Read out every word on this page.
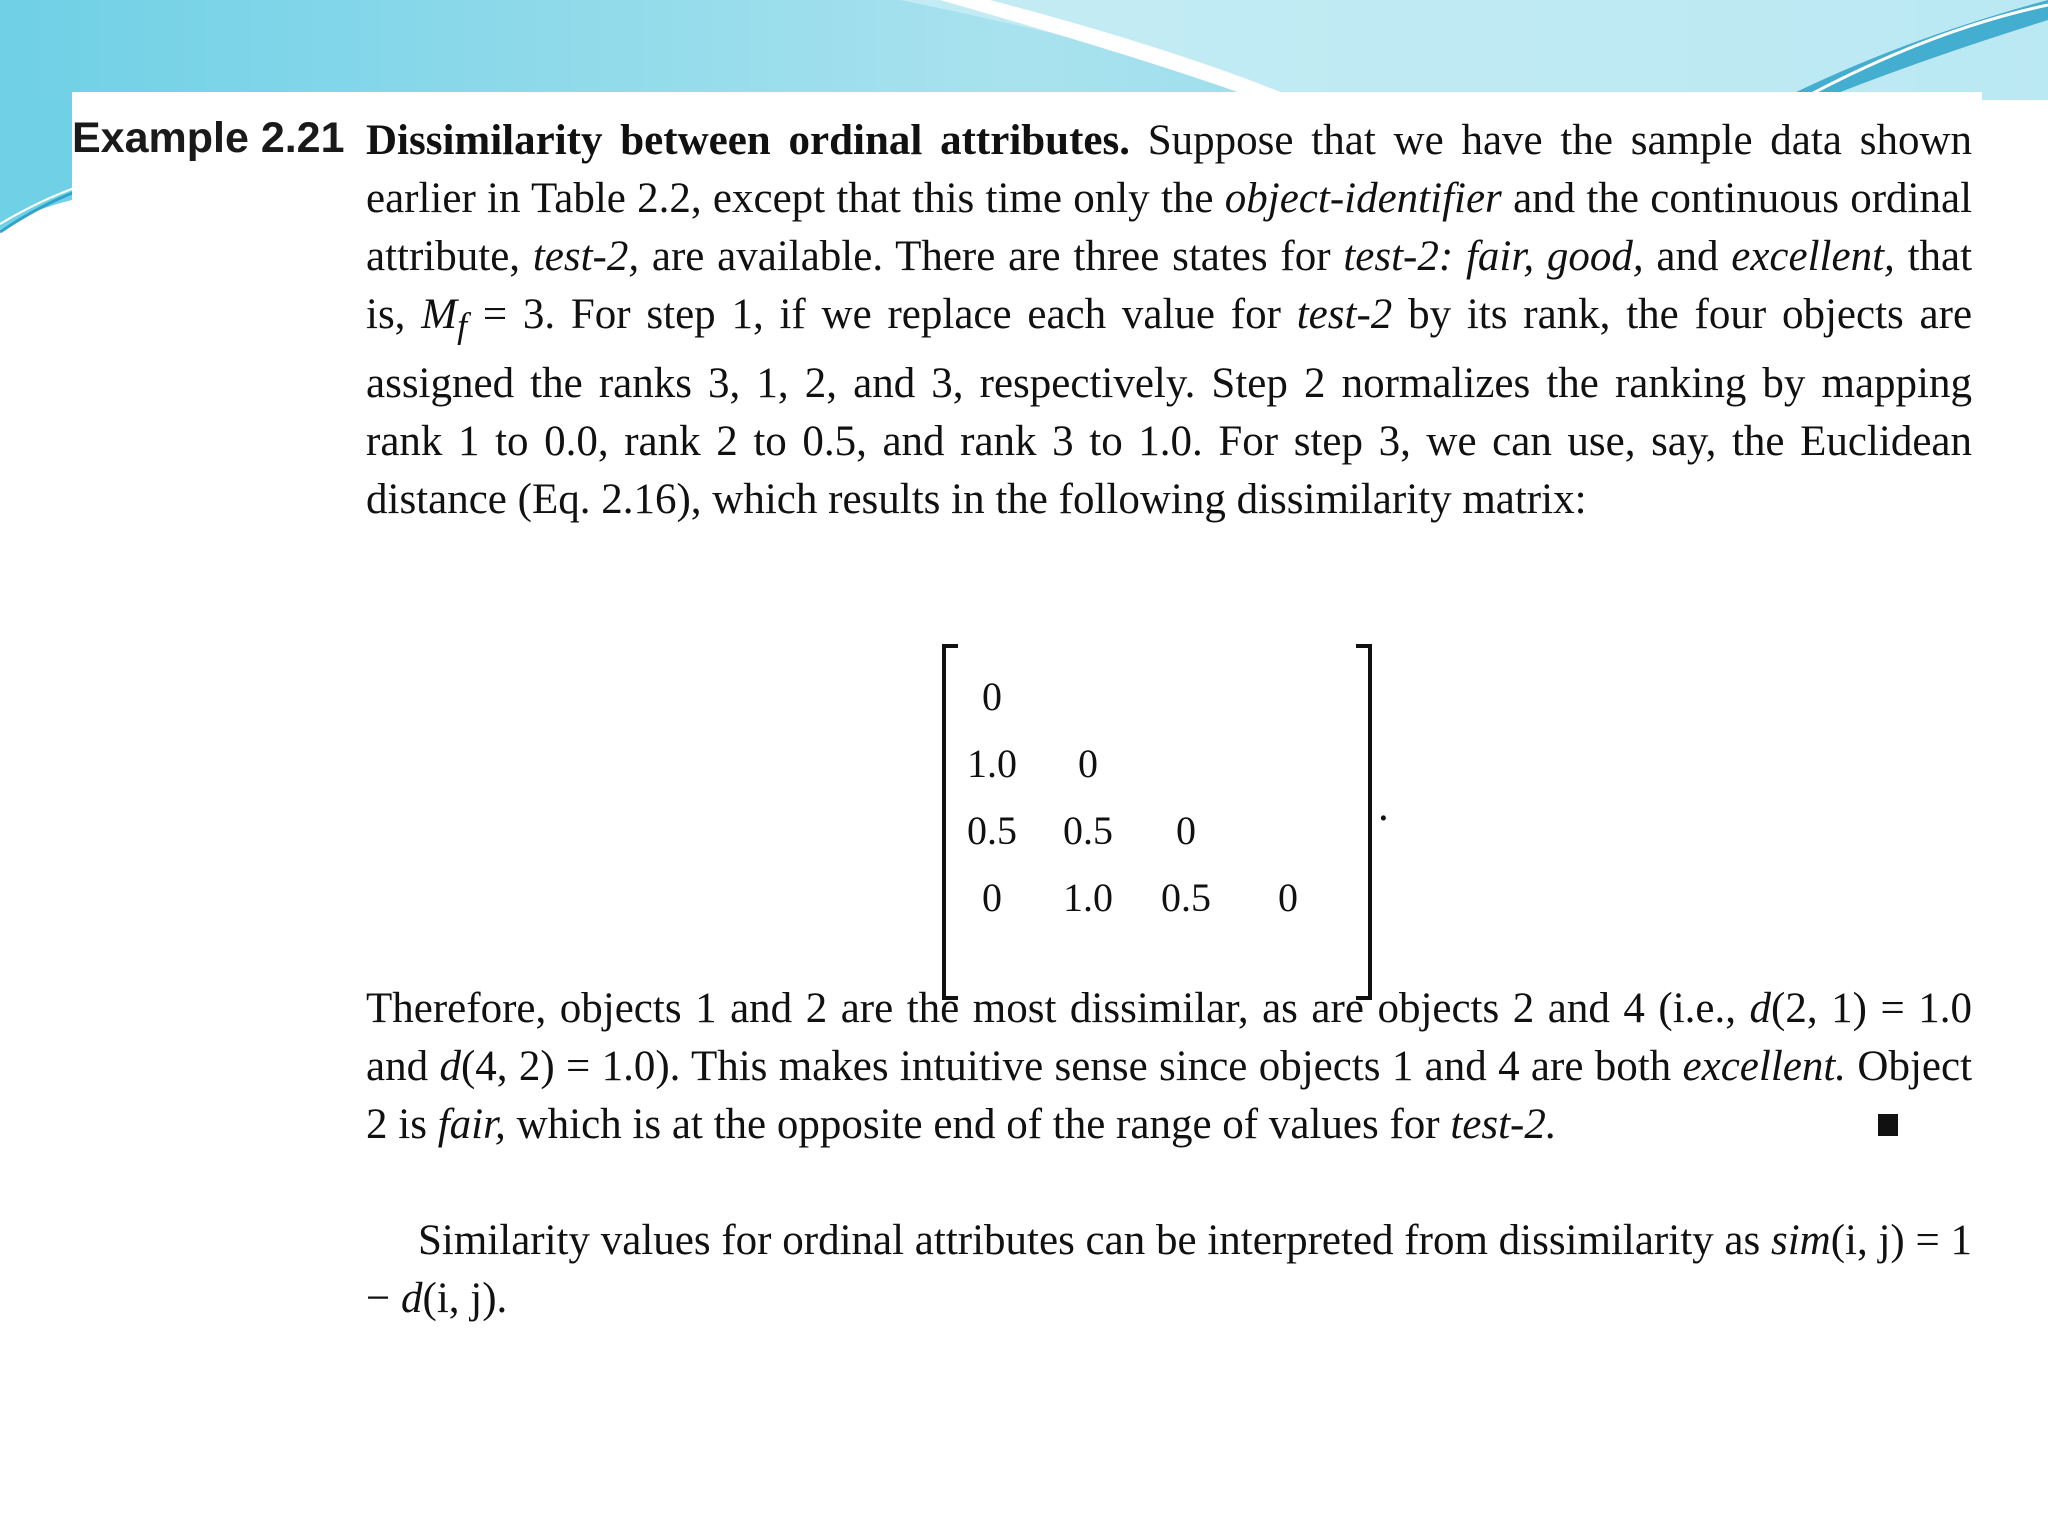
Example 2.21 Dissimilarity between ordinal attributes. Suppose that we have the sample data shown earlier in Table 2.2, except that this time only the object-identifier and the continuous ordinal attribute, test-2, are available. There are three states for test-2: fair, good, and excellent, that is, $M_f = 3$. For step 1, if we replace each value for test-2 by its rank, the four objects are assigned the ranks 3, 1, 2, and 3, respectively. Step 2 normalizes the ranking by mapping rank 1 to 0.0, rank 2 to 0.5, and rank 3 to 1.0. For step 3, we can use, say, the Euclidean distance (Eq. 2.16), which results in the following dissimilarity matrix:
0
1.0	0
0.5	0.5	0
0	1.0	0.5	0
.
Therefore, objects 1 and 2 are the most dissimilar, as are objects 2 and 4 (i.e., d(2, 1) = 1.0 and d(4, 2) = 1.0). This makes intuitive sense since objects 1 and 4 are both excellent. Object 2 is fair, which is at the opposite end of the range of values for test-2.
Similarity values for ordinal attributes can be interpreted from dissimilarity as sim(i, j) = 1 − d(i, j).
